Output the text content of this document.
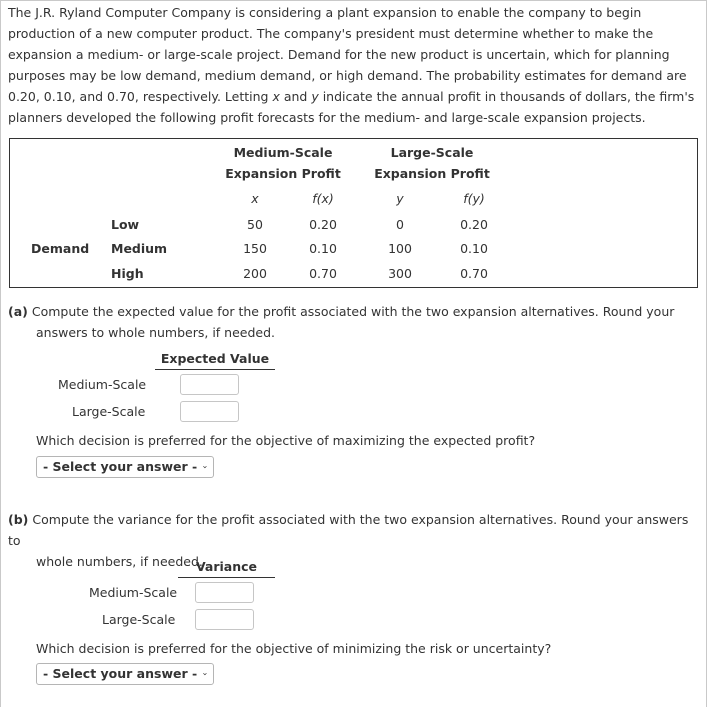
The J.R. Ryland Computer Company is considering a plant expansion to enable the company to begin production of a new computer product. The company's president must determine whether to make the expansion a medium- or large-scale project. Demand for the new product is uncertain, which for planning purposes may be low demand, medium demand, or high demand. The probability estimates for demand are 0.20, 0.10, and 0.70, respectively. Letting x and y indicate the annual profit in thousands of dollars, the firm's planners developed the following profit forecasts for the medium- and large-scale expansion projects.

Medium-Scale
Expansion Profit
Large-Scale
Expansion Profit
x	f(x)	y	f(y)
Demand
Low	50	0.20	0	0.20
Medium	150	0.10	100	0.10
High	200	0.70	300	0.70
(a) Compute the expected value for the profit associated with the two expansion alternatives. Round your
answers to whole numbers, if needed.
Expected Value
Medium-Scale
Large-Scale
Which decision is preferred for the objective of maximizing the expected profit?
- Select your answer -
(b) Compute the variance for the profit associated with the two expansion alternatives. Round your answers to
whole numbers, if needed.
Variance
Medium-Scale
Large-Scale
Which decision is preferred for the objective of minimizing the risk or uncertainty?
- Select your answer -
